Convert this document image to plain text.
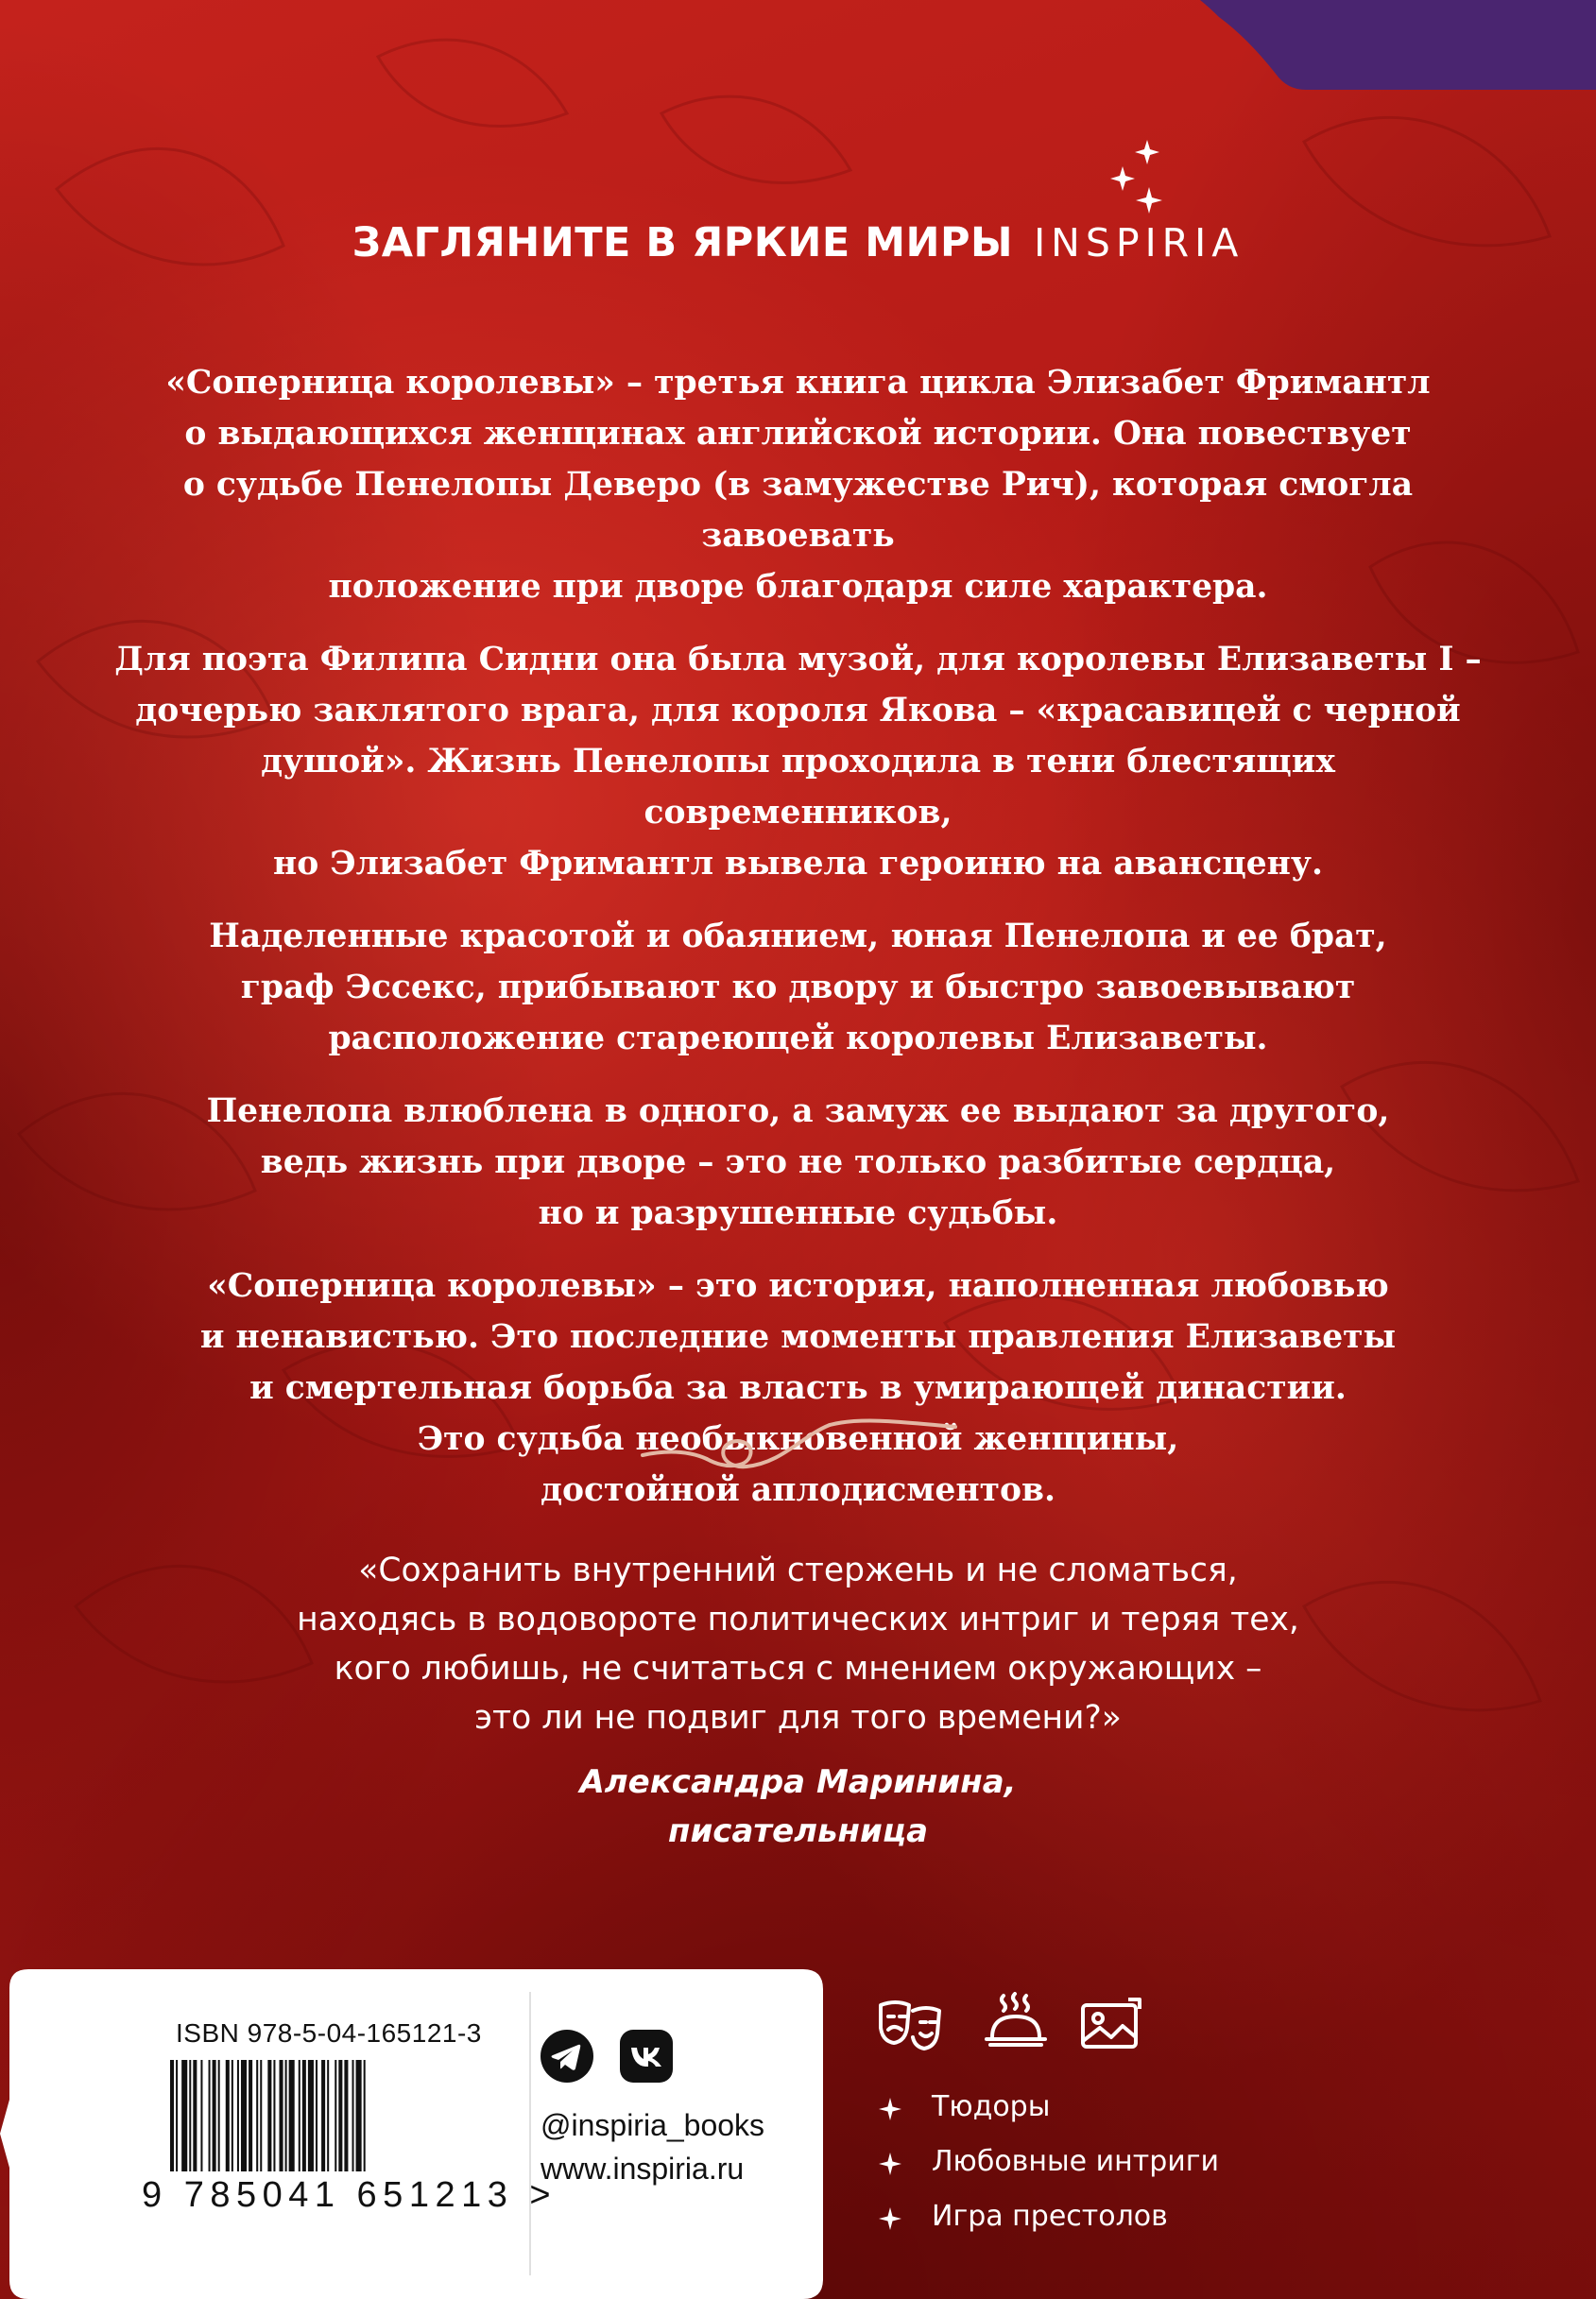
ЗАГЛЯНИТЕ В ЯРКИЕ МИРЫ INSPIRIA

«Соперница королевы» – третья книга цикла Элизабет Фримантл
о выдающихся женщинах английской истории. Она повествует
о судьбе Пенелопы Деверо (в замужестве Рич), которая смогла завоевать
положение при дворе благодаря силе характера.

Для поэта Филипа Сидни она была музой, для королевы Елизаветы I –
дочерью заклятого врага, для короля Якова – «красавицей с черной
душой». Жизнь Пенелопы проходила в тени блестящих современников,
но Элизабет Фримантл вывела героиню на авансцену.

Наделенные красотой и обаянием, юная Пенелопа и ее брат,
граф Эссекс, прибывают ко двору и быстро завоевывают
расположение стареющей королевы Елизаветы.

Пенелопа влюблена в одного, а замуж ее выдают за другого,
ведь жизнь при дворе – это не только разбитые сердца,
но и разрушенные судьбы.

«Соперница королевы» – это история, наполненная любовью
и ненавистью. Это последние моменты правления Елизаветы
и смертельная борьба за власть в умирающей династии.
Это судьба необыкновенной женщины,
достойной аплодисментов.

«Сохранить внутренний стержень и не сломаться,
находясь в водовороте политических интриг и теряя тех,
кого любишь, не считаться с мнением окружающих –
это ли не подвиг для того времени?»
Александра Маринина,
писательница
ISBN 978-5-04-165121-3
9 785041 651213 >
@inspiria_books
www.inspiria.ru
Тюдоры
Любовные интриги
Игра престолов
